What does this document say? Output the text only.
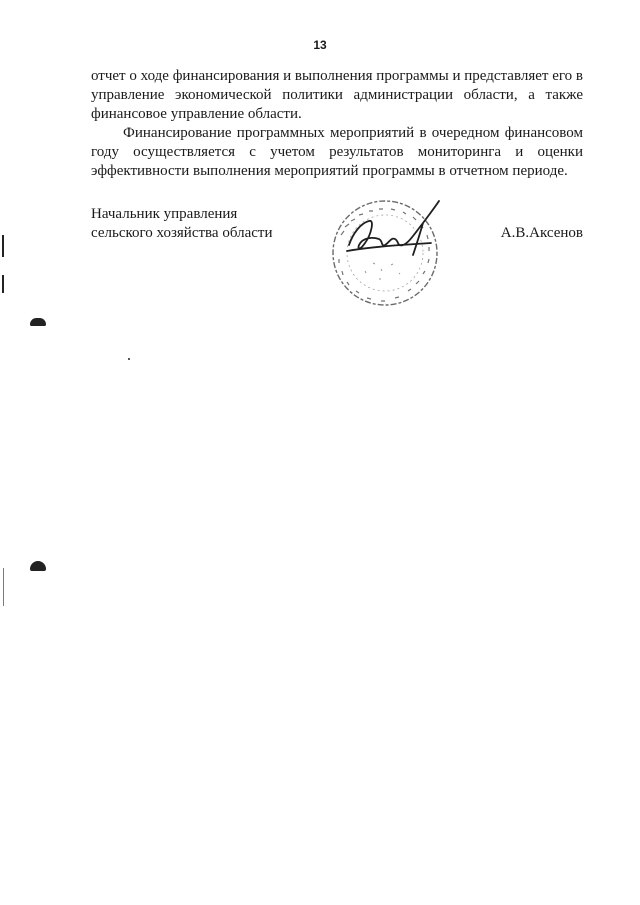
13

отчет о ходе финансирования и выполнения программы и представляет его в управление экономической политики администрации области, а также финансовое управление области.

Финансирование программных мероприятий в очередном финансовом году осуществляется с учетом результатов мониторинга и оценки эффективности выполнения мероприятий программы в отчетном периоде.

Начальник управления
сельского хозяйства области	А.В.Аксенов
